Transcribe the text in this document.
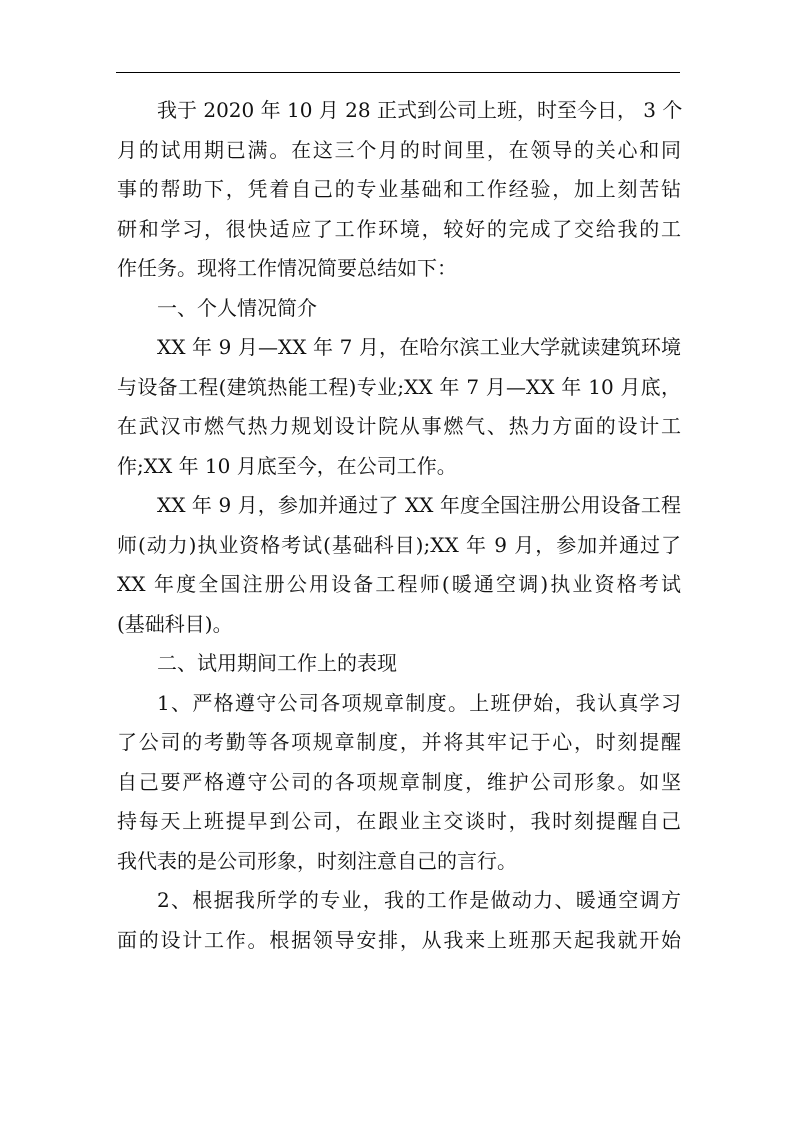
我于 2020 年 10 月 28 正式到公司上班，时至今日， 3 个
月的试用期已满。在这三个月的时间里，在领导的关心和同
事的帮助下，凭着自己的专业基础和工作经验，加上刻苦钻
研和学习，很快适应了工作环境，较好的完成了交给我的工
作任务。现将工作情况简要总结如下：
一、个人情况简介
XX 年 9 月—XX 年 7 月，在哈尔滨工业大学就读建筑环境
与设备工程(建筑热能工程)专业;XX 年 7 月—XX 年 10 月底，
在武汉市燃气热力规划设计院从事燃气、热力方面的设计工
作;XX 年 10 月底至今，在公司工作。
XX 年 9 月，参加并通过了 XX 年度全国注册公用设备工程
师(动力)执业资格考试(基础科目);XX 年 9 月，参加并通过了
XX 年度全国注册公用设备工程师(暖通空调)执业资格考试
(基础科目)。
二、试用期间工作上的表现
1、严格遵守公司各项规章制度。上班伊始，我认真学习
了公司的考勤等各项规章制度，并将其牢记于心，时刻提醒
自己要严格遵守公司的各项规章制度，维护公司形象。如坚
持每天上班提早到公司，在跟业主交谈时，我时刻提醒自己
我代表的是公司形象，时刻注意自己的言行。
2、根据我所学的专业，我的工作是做动力、暖通空调方
面的设计工作。根据领导安排，从我来上班那天起我就开始
